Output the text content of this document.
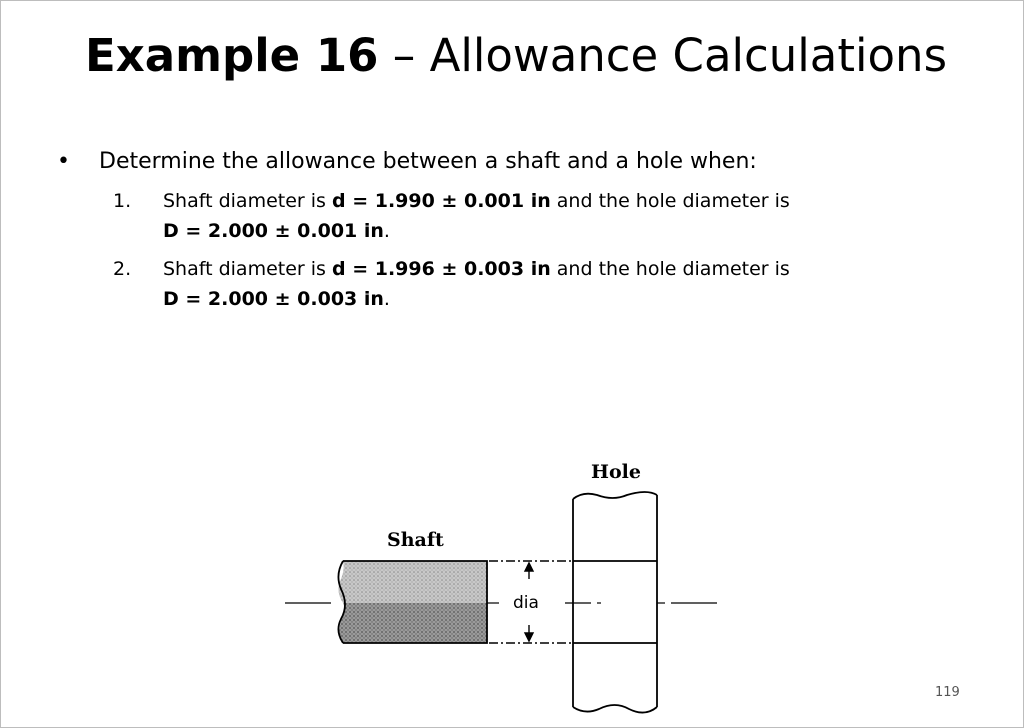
Example 16 – Allowance Calculations
•	Determine the allowance between a shaft and a hole when:
1. Shaft diameter is d = 1.990 ± 0.001 in and the hole diameter is
D = 2.000 ± 0.001 in.
2. Shaft diameter is d = 1.996 ± 0.003 in and the hole diameter is
D = 2.000 ± 0.003 in.
Hole
Shaft
dia
119
